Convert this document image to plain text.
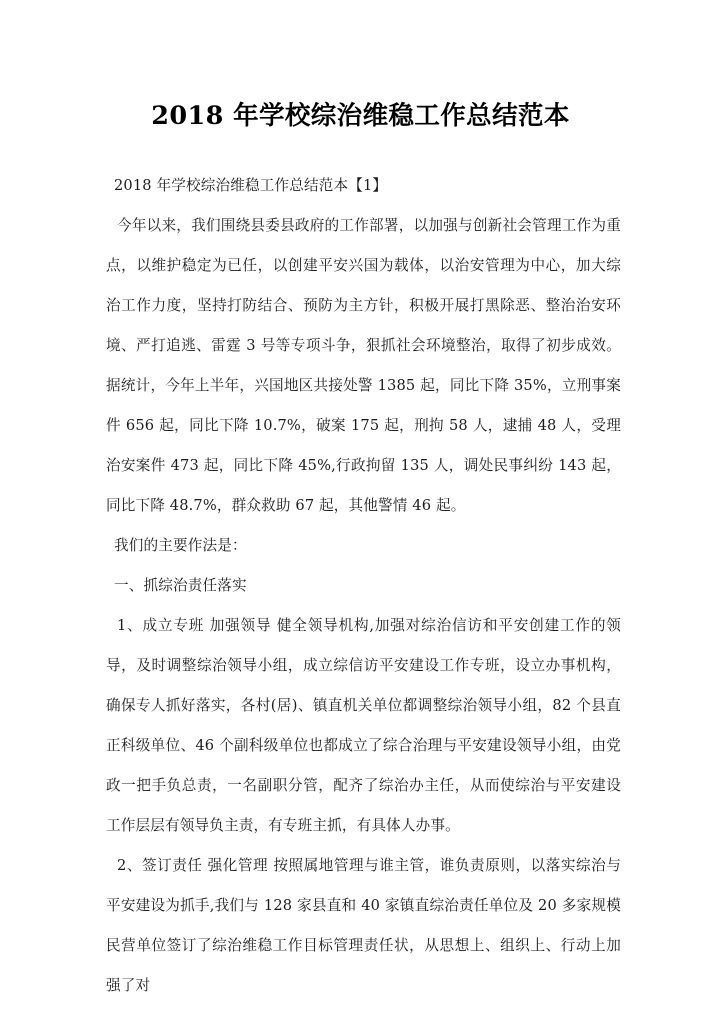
2018 年学校综治维稳工作总结范本

2018 年学校综治维稳工作总结范本【1】

今年以来，我们围绕县委县政府的工作部署，以加强与创新社会管理工作为重点，以维护稳定为已任，以创建平安兴国为载体，以治安管理为中心，加大综治工作力度，坚持打防结合、预防为主方针，积极开展打黑除恶、整治治安环境、严打追逃、雷霆 3 号等专项斗争，狠抓社会环境整治，取得了初步成效。据统计，今年上半年，兴国地区共接处警 1385 起，同比下降 35%，立刑事案件 656 起，同比下降 10.7%，破案 175 起，刑拘 58 人，逮捕 48 人，受理治安案件 473 起，同比下降 45%,行政拘留 135 人，调处民事纠纷 143 起，同比下降 48.7%，群众救助 67 起，其他警情 46 起。

我们的主要作法是：

一、抓综治责任落实

1、成立专班 加强领导 健全领导机构,加强对综治信访和平安创建工作的领导，及时调整综治领导小组，成立综信访平安建设工作专班，设立办事机构，确保专人抓好落实，各村(居)、镇直机关单位都调整综治领导小组，82 个县直正科级单位、46 个副科级单位也都成立了综合治理与平安建设领导小组，由党政一把手负总责，一名副职分管，配齐了综治办主任，从而使综治与平安建设工作层层有领导负主责，有专班主抓，有具体人办事。

2、签订责任 强化管理 按照属地管理与谁主管，谁负责原则，以落实综治与平安建设为抓手,我们与 128 家县直和 40 家镇直综治责任单位及 20 多家规模民营单位签订了综治维稳工作目标管理责任状，从思想上、组织上、行动上加强了对
